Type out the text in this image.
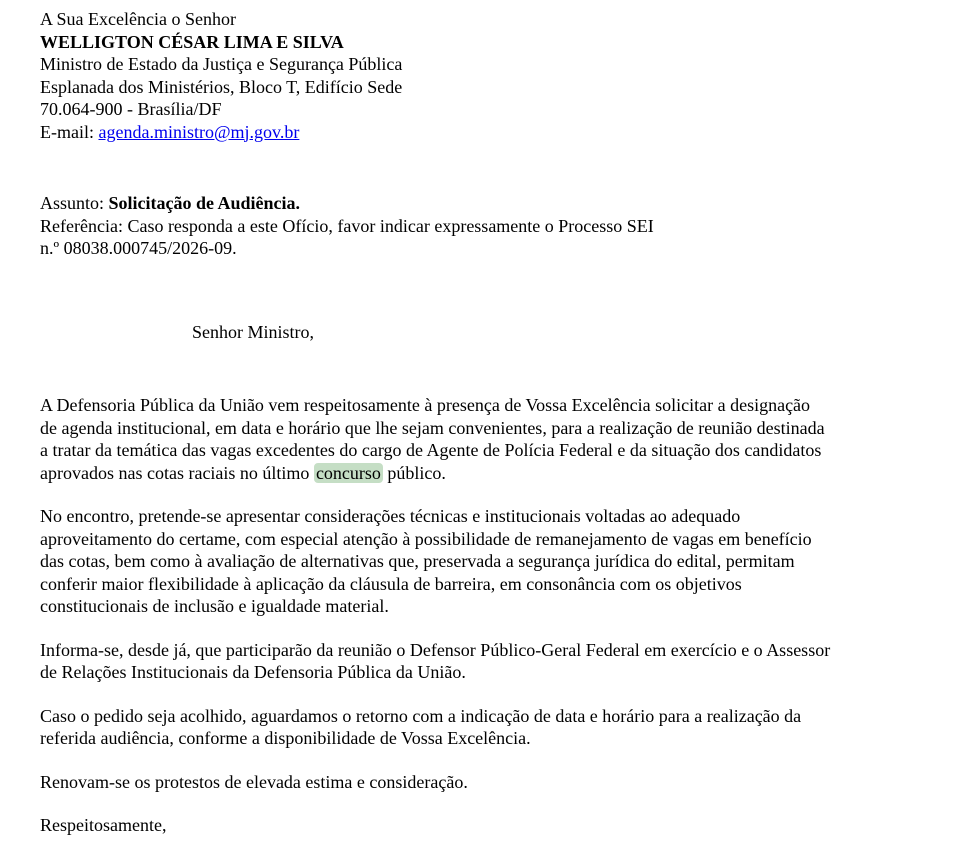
A Sua Excelência o Senhor
WELLIGTON CÉSAR LIMA E SILVA
Ministro de Estado da Justiça e Segurança Pública
Esplanada dos Ministérios, Bloco T, Edifício Sede
70.064-900 - Brasília/DF
E-mail: agenda.ministro@mj.gov.br
Assunto: Solicitação de Audiência.
Referência: Caso responda a este Ofício, favor indicar expressamente o Processo SEI
n.º 08038.000745/2026-09.
Senhor Ministro,
A Defensoria Pública da União vem respeitosamente à presença de Vossa Excelência solicitar a designação
de agenda institucional, em data e horário que lhe sejam convenientes, para a realização de reunião destinada
a tratar da temática das vagas excedentes do cargo de Agente de Polícia Federal e da situação dos candidatos
aprovados nas cotas raciais no último concurso público.
No encontro, pretende-se apresentar considerações técnicas e institucionais voltadas ao adequado
aproveitamento do certame, com especial atenção à possibilidade de remanejamento de vagas em benefício
das cotas, bem como à avaliação de alternativas que, preservada a segurança jurídica do edital, permitam
conferir maior flexibilidade à aplicação da cláusula de barreira, em consonância com os objetivos
constitucionais de inclusão e igualdade material.
Informa-se, desde já, que participarão da reunião o Defensor Público-Geral Federal em exercício e o Assessor
de Relações Institucionais da Defensoria Pública da União.
Caso o pedido seja acolhido, aguardamos o retorno com a indicação de data e horário para a realização da
referida audiência, conforme a disponibilidade de Vossa Excelência.
Renovam-se os protestos de elevada estima e consideração.
Respeitosamente,
